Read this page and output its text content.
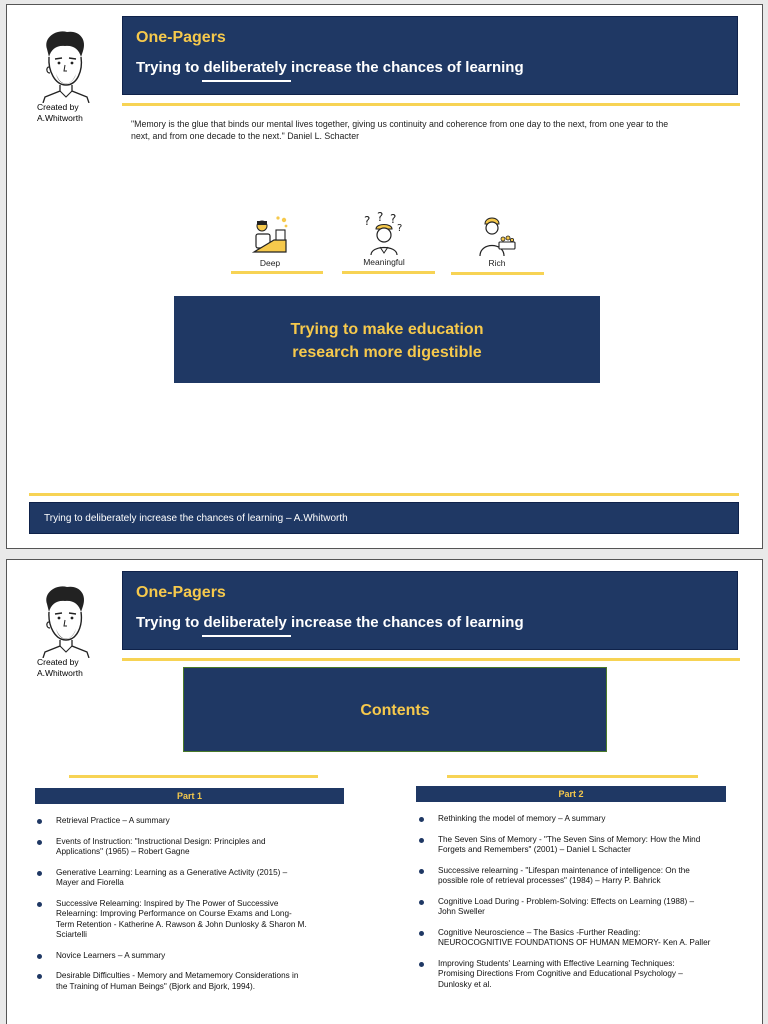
Created by
A.Whitworth
One-Pagers
Trying to deliberately increase the chances of learning
"Memory is the glue that binds our mental lives together, giving us continuity and coherence from one day to the next, from one year to the next, and from one decade to the next." Daniel L. Schacter
Deep
? ? ?
?
Meaningful	Rich
Trying to make education
research more digestible
Trying to deliberately increase the chances of learning – A.Whitworth
Created by
A.Whitworth
One-Pagers
Trying to deliberately increase the chances of learning
Contents
Part 1	Part 2
Retrieval Practice – A summary
Events of Instruction: "Instructional Design: Principles and Applications" (1965) – Robert Gagne
Generative Learning: Learning as a Generative Activity (2015) – Mayer and Fiorella
Successive Relearning: Inspired by The Power of Successive Relearning: Improving Performance on Course Exams and Long-Term Retention - Katherine A. Rawson & John Dunlosky & Sharon M. Sciartelli
Novice Learners – A summary
Desirable Difficulties - Memory and Metamemory Considerations in the Training of Human Beings" (Bjork and Bjork, 1994).
Rethinking the model of memory – A summary
The Seven Sins of Memory - "The Seven Sins of Memory: How the Mind Forgets and Remembers" (2001) – Daniel L Schacter
Successive relearning - "Lifespan maintenance of intelligence: On the possible role of retrieval processes" (1984) – Harry P. Bahrick
Cognitive Load During - Problem-Solving: Effects on Learning (1988) – John Sweller
Cognitive Neuroscience – The Basics -Further Reading: NEUROCOGNITIVE FOUNDATIONS OF HUMAN MEMORY- Ken A. Paller
Improving Students' Learning with Effective Learning Techniques: Promising Directions From Cognitive and Educational Psychology – Dunlosky et al.
